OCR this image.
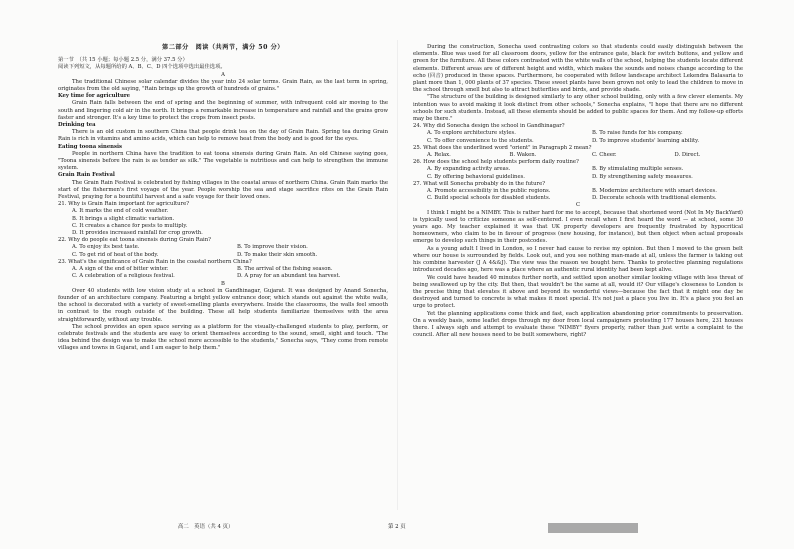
第二部分　阅读（共两节，满分 50 分）

第一节　（共 15 小题；每小题 2.5 分，满分 37.5 分）

阅读下列短文，从每题所给的 A、B、C、D 四个选项中选出最佳选项。

A

The traditional Chinese solar calendar divides the year into 24 solar terms. Grain Rain, as the last term in spring, originates from the old saying, "Rain brings up the growth of hundreds of grains."

Key time for agriculture

Grain Rain falls between the end of spring and the beginning of summer, with infrequent cold air moving to the south and lingering cold air in the north. It brings a remarkable increase in temperature and rainfall and the grains grow faster and stronger. It's a key time to protect the crops from insect pests.

Drinking tea

There is an old custom in southern China that people drink tea on the day of Grain Rain. Spring tea during Grain Rain is rich in vitamins and amino acids, which can help to remove heat from the body and is good for the eyes.

Eating toona sinensis

People in northern China have the tradition to eat toona sinensis during Grain Rain. An old Chinese saying goes, "Toona sinensis before the rain is as tender as silk." The vegetable is nutritious and can help to strengthen the immune system.

Grain Rain Festival

The Grain Rain Festival is celebrated by fishing villages in the coastal areas of northern China. Grain Rain marks the start of the fishermen's first voyage of the year. People worship the sea and stage sacrifice rites on the Grain Rain Festival, praying for a bountiful harvest and a safe voyage for their loved ones.

21. Why is Grain Rain important for agriculture?

A. It marks the end of cold weather.

B. It brings a slight climatic variation.

C. It creates a chance for pests to multiply.

D. It provides increased rainfall for crop growth.

22. Why do people eat toona sinensis during Grain Rain?

A. To enjoy its best taste.	B. To improve their vision.
C. To get rid of heat of the body.	D. To make their skin smooth.

23. What's the significance of Grain Rain in the coastal northern China?

A. A sign of the end of bitter winter.	B. The arrival of the fishing season.
C. A celebration of a religious festival.	D. A pray for an abundant tea harvest.

B

Over 40 students with low vision study at a school in Gandhinagar, Gujarat. It was designed by Anand Sonecha, founder of an architecture company. Featuring a bright yellow entrance door, which stands out against the white walls, the school is decorated with a variety of sweet-smelling plants everywhere. Inside the classrooms, the walls feel smooth in contrast to the rough outside of the building. These all help students familiarize themselves with the area straightforwardly, without any trouble.

The school provides an open space serving as a platform for the visually-challenged students to play, perform, or celebrate festivals and the students are easy to orient themselves according to the sound, smell, sight and touch. "The idea behind the design was to make the school more accessible to the students," Sonecha says, "They come from remote villages and towns in Gujarat, and I am eager to help them."

During the construction, Sonecha used contrasting colors so that students could easily distinguish between the elements. Blue was used for all classroom doors, yellow for the entrance gate, black for switch buttons, and yellow and green for the furniture. All these colors contrasted with the white walls of the school, helping the students locate different elements. Different areas are of different height and width, which makes the sounds and noises change according to the echo (回音) produced in these spaces. Furthermore, he cooperated with fellow landscape architect Lekendra Balasaria to plant more than 1, 000 plants of 37 species. These sweet plants have been grown not only to lead the children to move in the school through smell but also to attract butterflies and birds, and provide shade.

"The structure of the building is designed similarly to any other school building, only with a few clever elements. My intention was to avoid making it look distinct from other schools," Sonecha explains, "I hope that there are no different schools for such students. Instead, all these elements should be added to public spaces for them. And my follow-up efforts may be there."

24. Why did Sonecha design the school in Gandhinagar?

A. To explore architecture styles.	B. To raise funds for his company.
C. To offer convenience to the students.	D. To improve students' learning ability.

25. What does the underlined word "orient" in Paragraph 2 mean?

A. Relax.	B. Waken.	C. Cheer.	D. Direct.

26. How does the school help students perform daily routine?

A. By expanding activity areas.	B. By stimulating multiple senses.
C. By offering behavioral guidelines.	D. By strengthening safety measures.

27. What will Sonecha probably do in the future?

A. Promote accessibility in the public regions.	B. Modernize architecture with smart devices.
C. Build special schools for disabled students.	D. Decorate schools with traditional elements.

C

I think I might be a NIMBY. This is rather hard for me to accept, because that shortened word (Not In My BackYard) is typically used to criticize someone as self-centered. I even recall when I first heard the word — at school, some 30 years ago. My teacher explained it was that UK property developers are frequently frustrated by hypocritical homeowners, who claim to be in favour of progress (new housing, for instance), but then object when actual proposals emerge to develop such things in their postcodes.

As a young adult I lived in London, so I never had cause to revise my opinion. But then I moved to the green belt where our house is surrounded by fields. Look out, and you see nothing man-made at all, unless the farmer is taking out his combine harvester (J A 4&&J). The view was the reason we bought here. Thanks to protective planning regulations introduced decades ago, here was a place where an authentic rural identity had been kept alive.

We could have headed 40 minutes further north, and settled upon another similar looking village with less threat of being swallowed up by the city. But then, that wouldn't be the same at all, would it? Our village's closeness to London is the precise thing that elevates it above and beyond its wonderful views—because the fact that it might one day be destroyed and turned to concrete is what makes it most special. It's not just a place you live in. It's a place you feel an urge to protect.

Yet the planning applications come thick and fast, each application abandoning prior commitments to preservation. On a weekly basis, some leaflet drops through my door from local campaigners protesting 177 houses here, 231 houses there. I always sigh and attempt to evaluate these "NIMBY" flyers properly, rather than just write a complaint to the council. After all new houses need to be built somewhere, right?

高二　英语（共 4 页）	第 2 页
